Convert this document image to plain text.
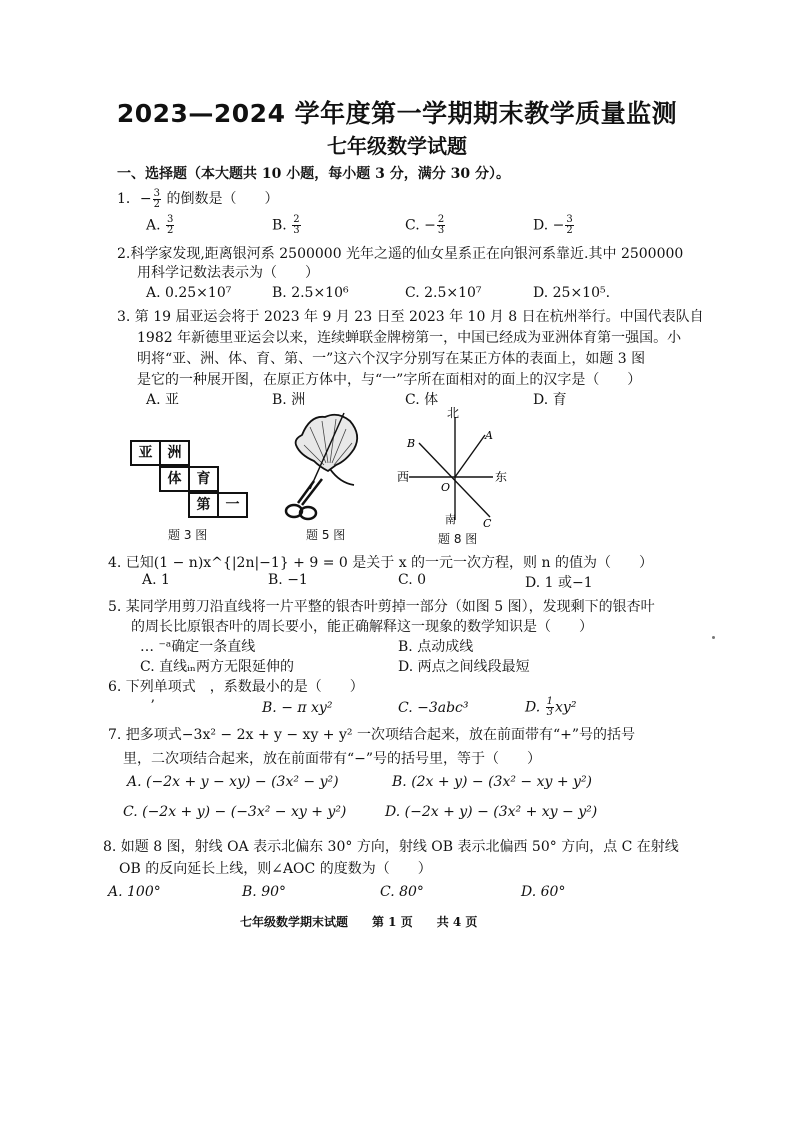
2023—2024 学年度第一学期期末教学质量监测
七年级数学试题
一、选择题（本大题共 10 小题，每小题 3 分，满分 30 分）。
1．− $\frac{3}{2}$ 的倒数是（　　）
A. $\frac{3}{2}$	B. $\frac{2}{3}$	C. − $\frac{2}{3}$	D. − $\frac{3}{2}$
2.科学家发现,距离银河系 2500000 光年之遥的仙女星系正在向银河系靠近.其中 2500000
用科学记数法表示为（　　）
A. 0.25×10⁷	B. 2.5×10⁶	C. 2.5×10⁷	D. 25×10⁵.
3. 第 19 届亚运会将于 2023 年 9 月 23 日至 2023 年 10 月 8 日在杭州举行。中国代表队自
1982 年新德里亚运会以来，连续蝉联金牌榜第一，中国已经成为亚洲体育第一强国。小
明将“亚、洲、体、育、第、一”这六个汉字分别写在某正方体的表面上，如题 3 图
是它的一种展开图，在原正方体中，与“一”字所在面相对的面上的汉字是（　　）
A. 亚	B. 洲	C. 体	D. 育
亚	洲
体	育
第	一
题 3 图	题 5 图
北
南
东
西
A
B
C
O
题 8 图
4. 已知(1 − n)x^{|2n|−1} + 9 = 0 是关于 x 的一元一次方程，则 n 的值为（　　）
A. 1	B. −1	C. 0	D. 1 或−1
5. 某同学用剪刀沿直线将一片平整的银杏叶剪掉一部分（如图 5 图），发现剩下的银杏叶
的周长比原银杏叶的周长要小，能正确解释这一现象的数学知识是（　　）
… ⁻ᵃ确定一条直线	B. 点动成线
C. 直线ᵢₙ两方无限延伸的	D. 两点之间线段最短
6. 下列单项式　，系数最小的是（　　）
ʼ	B. − π xy²	C. −3abc³	D. $\frac{1}{3} xy^2$
7. 把多项式−3x² − 2x + y − xy + y² 一次项结合起来，放在前面带有“+”号的括号
里，二次项结合起来，放在前面带有“−”号的括号里，等于（　　）
A. (−2x + y − xy) − (3x² − y²)	B. (2x + y) − (3x² − xy + y²)
C. (−2x + y) − (−3x² − xy + y²)	D. (−2x + y) − (3x² + xy − y²)
8. 如题 8 图，射线 OA 表示北偏东 30° 方向，射线 OB 表示北偏西 50° 方向，点 C 在射线
OB 的反向延长上线，则∠AOC 的度数为（　　）
A. 100°	B. 90°	C. 80°	D. 60°
七年级数学期末试题　　第 1 页　　共 4 页
